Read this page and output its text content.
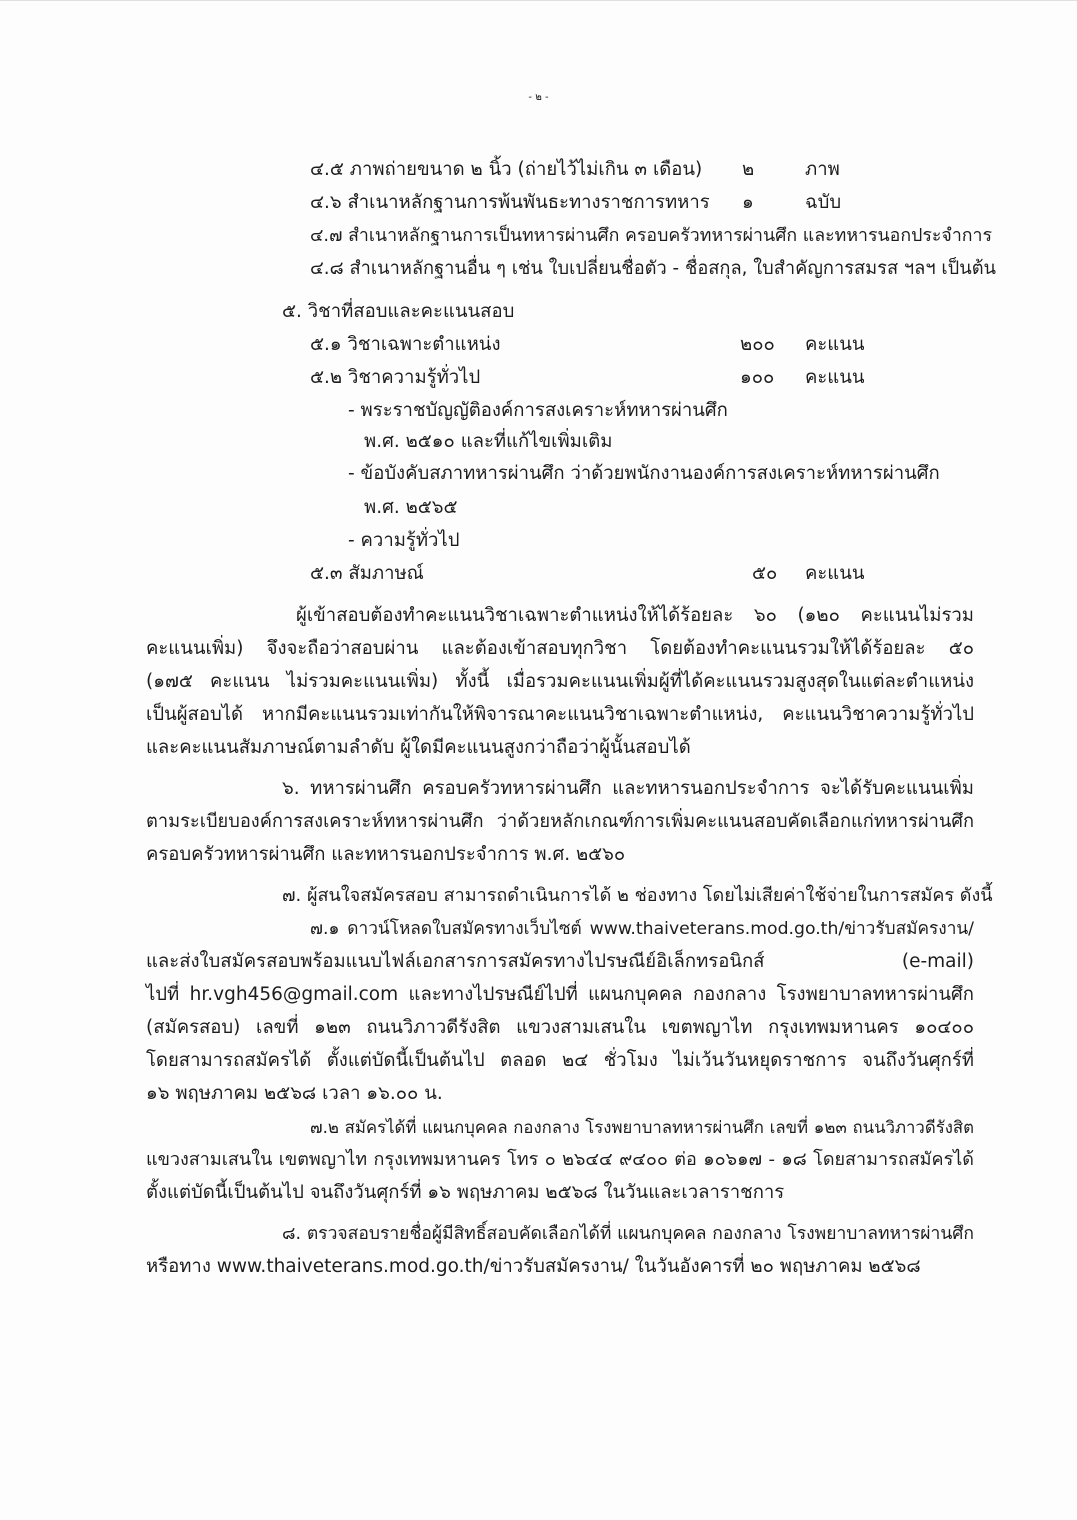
- ๒ -
๔.๕ ภาพถ่ายขนาด ๒ นิ้ว (ถ่ายไว้ไม่เกิน ๓ เดือน) ๒	ภาพ
๔.๖ สำเนาหลักฐานการพ้นพันธะทางราชการทหาร ๑	ฉบับ
๔.๗ สำเนาหลักฐานการเป็นทหารผ่านศึก ครอบครัวทหารผ่านศึก และทหารนอกประจำการ
๔.๘ สำเนาหลักฐานอื่น ๆ เช่น ใบเปลี่ยนชื่อตัว - ชื่อสกุล, ใบสำคัญการสมรส ฯลฯ เป็นต้น
๕. วิชาที่สอบและคะแนนสอบ
๕.๑ วิชาเฉพาะตำแหน่ง	๒๐๐ คะแนน
๕.๒ วิชาความรู้ทั่วไป	๑๐๐ คะแนน
- พระราชบัญญัติองค์การสงเคราะห์ทหารผ่านศึก
พ.ศ. ๒๕๑๐ และที่แก้ไขเพิ่มเติม
- ข้อบังคับสภาทหารผ่านศึก ว่าด้วยพนักงานองค์การสงเคราะห์ทหารผ่านศึก
พ.ศ. ๒๕๖๕
- ความรู้ทั่วไป
๕.๓ สัมภาษณ์	๕๐ คะแนน
ผู้เข้าสอบต้องทำคะแนนวิชาเฉพาะตำแหน่งให้ได้ร้อยละ ๖๐ (๑๒๐ คะแนนไม่รวม
คะแนนเพิ่ม) จึงจะถือว่าสอบผ่าน และต้องเข้าสอบทุกวิชา โดยต้องทำคะแนนรวมให้ได้ร้อยละ ๕๐
(๑๗๕ คะแนน ไม่รวมคะแนนเพิ่ม) ทั้งนี้ เมื่อรวมคะแนนเพิ่มผู้ที่ได้คะแนนรวมสูงสุดในแต่ละตำแหน่ง
เป็นผู้สอบได้ หากมีคะแนนรวมเท่ากันให้พิจารณาคะแนนวิชาเฉพาะตำแหน่ง, คะแนนวิชาความรู้ทั่วไป
และคะแนนสัมภาษณ์ตามลำดับ ผู้ใดมีคะแนนสูงกว่าถือว่าผู้นั้นสอบได้
๖. ทหารผ่านศึก ครอบครัวทหารผ่านศึก และทหารนอกประจำการ จะได้รับคะแนนเพิ่ม
ตามระเบียบองค์การสงเคราะห์ทหารผ่านศึก ว่าด้วยหลักเกณฑ์การเพิ่มคะแนนสอบคัดเลือกแก่ทหารผ่านศึก
ครอบครัวทหารผ่านศึก และทหารนอกประจำการ พ.ศ. ๒๕๖๐
๗. ผู้สนใจสมัครสอบ สามารถดำเนินการได้ ๒ ช่องทาง โดยไม่เสียค่าใช้จ่ายในการสมัคร ดังนี้
๗.๑ ดาวน์โหลดใบสมัครทางเว็บไซต์ www.thaiveterans.mod.go.th/ข่าวรับสมัครงาน/
และส่งใบสมัครสอบพร้อมแนบไฟล์เอกสารการสมัครทางไปรษณีย์อิเล็กทรอนิกส์ (e-mail)
ไปที่ hr.vgh456@gmail.com และทางไปรษณีย์ไปที่ แผนกบุคคล กองกลาง โรงพยาบาลทหารผ่านศึก
(สมัครสอบ) เลขที่ ๑๒๓ ถนนวิภาวดีรังสิต แขวงสามเสนใน เขตพญาไท กรุงเทพมหานคร ๑๐๔๐๐
โดยสามารถสมัครได้ ตั้งแต่บัดนี้เป็นต้นไป ตลอด ๒๔ ชั่วโมง ไม่เว้นวันหยุดราชการ จนถึงวันศุกร์ที่
๑๖ พฤษภาคม ๒๕๖๘ เวลา ๑๖.๐๐ น.
๗.๒ สมัครได้ที่ แผนกบุคคล กองกลาง โรงพยาบาลทหารผ่านศึก เลขที่ ๑๒๓ ถนนวิภาวดีรังสิต
แขวงสามเสนใน เขตพญาไท กรุงเทพมหานคร โทร ๐ ๒๖๔๔ ๙๔๐๐ ต่อ ๑๐๖๑๗ - ๑๘ โดยสามารถสมัครได้
ตั้งแต่บัดนี้เป็นต้นไป จนถึงวันศุกร์ที่ ๑๖ พฤษภาคม ๒๕๖๘ ในวันและเวลาราชการ
๘. ตรวจสอบรายชื่อผู้มีสิทธิ์สอบคัดเลือกได้ที่ แผนกบุคคล กองกลาง โรงพยาบาลทหารผ่านศึก
หรือทาง www.thaiveterans.mod.go.th/ข่าวรับสมัครงาน/ ในวันอังคารที่ ๒๐ พฤษภาคม ๒๕๖๘
